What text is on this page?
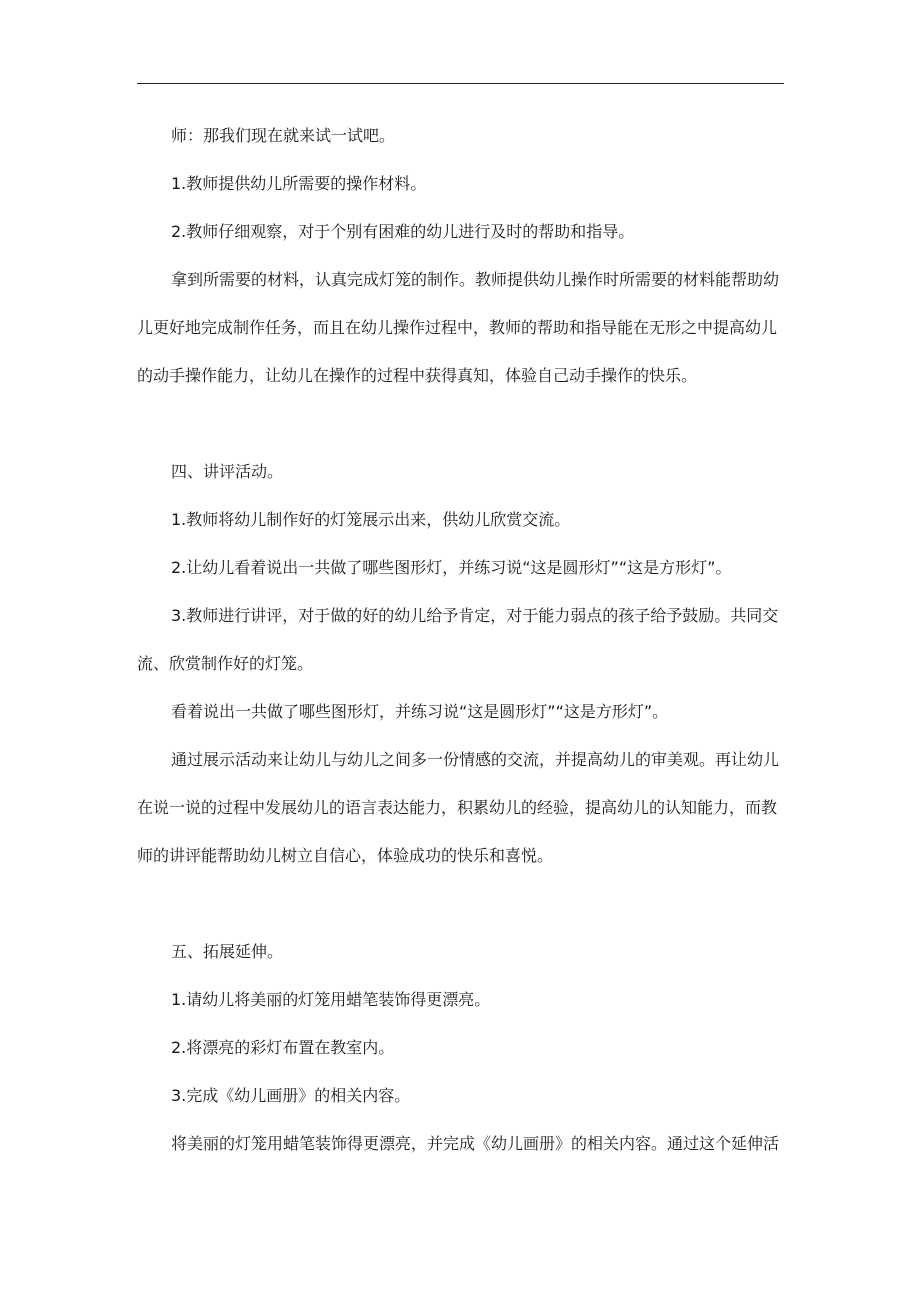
师：那我们现在就来试一试吧。
1.教师提供幼儿所需要的操作材料。
2.教师仔细观察，对于个别有困难的幼儿进行及时的帮助和指导。
拿到所需要的材料，认真完成灯笼的制作。教师提供幼儿操作时所需要的材料能帮助幼
儿更好地完成制作任务，而且在幼儿操作过程中，教师的帮助和指导能在无形之中提高幼儿
的动手操作能力，让幼儿在操作的过程中获得真知，体验自己动手操作的快乐。
四、讲评活动。
1.教师将幼儿制作好的灯笼展示出来，供幼儿欣赏交流。
2.让幼儿看着说出一共做了哪些图形灯，并练习说“这是圆形灯”“这是方形灯”。
3.教师进行讲评，对于做的好的幼儿给予肯定，对于能力弱点的孩子给予鼓励。共同交
流、欣赏制作好的灯笼。
看着说出一共做了哪些图形灯，并练习说“这是圆形灯”“这是方形灯”。
通过展示活动来让幼儿与幼儿之间多一份情感的交流，并提高幼儿的审美观。再让幼儿
在说一说的过程中发展幼儿的语言表达能力，积累幼儿的经验，提高幼儿的认知能力，而教
师的讲评能帮助幼儿树立自信心，体验成功的快乐和喜悦。
五、拓展延伸。
1.请幼儿将美丽的灯笼用蜡笔装饰得更漂亮。
2.将漂亮的彩灯布置在教室内。
3.完成《幼儿画册》的相关内容。
将美丽的灯笼用蜡笔装饰得更漂亮，并完成《幼儿画册》的相关内容。通过这个延伸活
